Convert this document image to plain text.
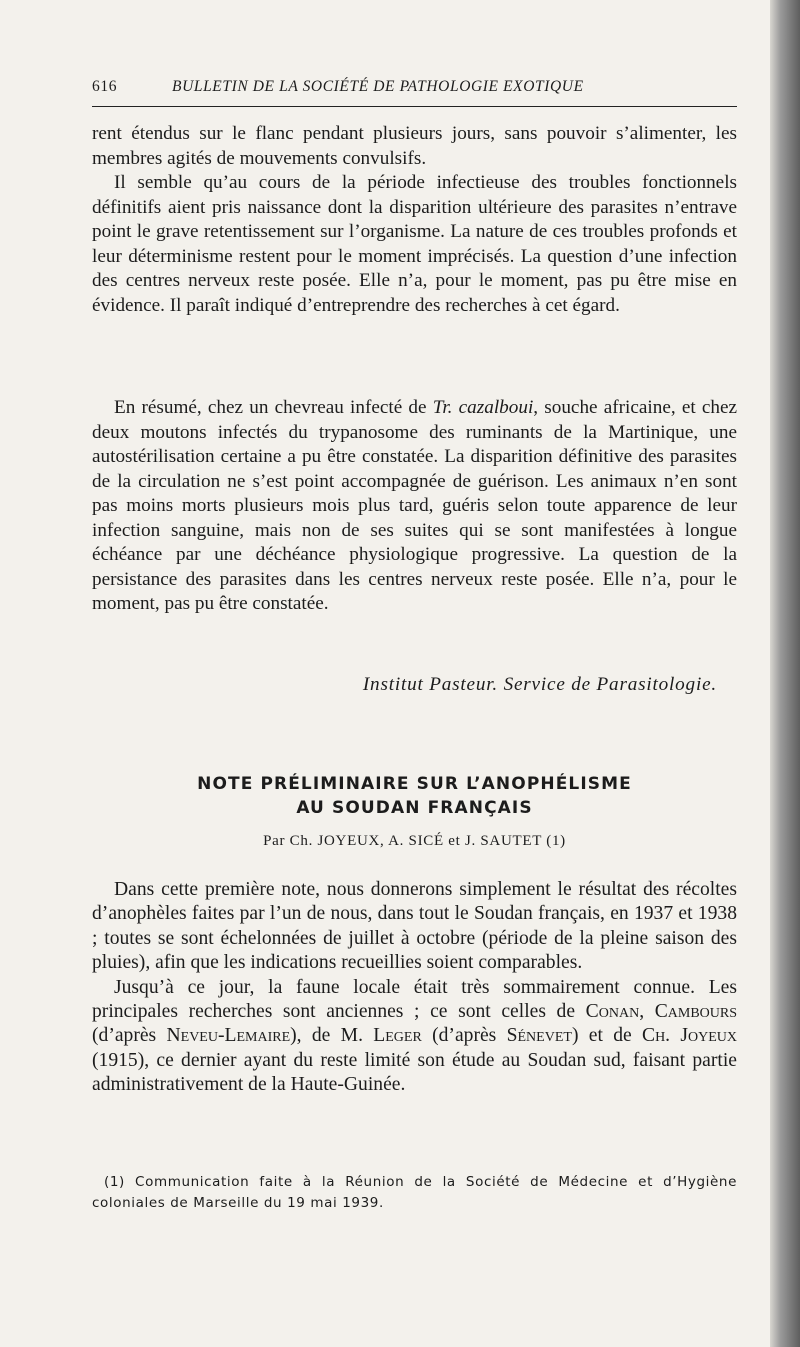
616	BULLETIN DE LA SOCIÉTÉ DE PATHOLOGIE EXOTIQUE

rent étendus sur le flanc pendant plusieurs jours, sans pouvoir s’alimenter, les membres agités de mouvements convulsifs.

Il semble qu’au cours de la période infectieuse des troubles fonctionnels définitifs aient pris naissance dont la disparition ultérieure des parasites n’entrave point le grave retentissement sur l’organisme. La nature de ces troubles profonds et leur déterminisme restent pour le moment imprécisés. La question d’une infection des centres nerveux reste posée. Elle n’a, pour le moment, pas pu être mise en évidence. Il paraît indiqué d’entreprendre des recherches à cet égard.

En résumé, chez un chevreau infecté de Tr. cazalboui, souche africaine, et chez deux moutons infectés du trypanosome des ruminants de la Martinique, une autostérilisation certaine a pu être constatée. La disparition définitive des parasites de la circulation ne s’est point accompagnée de guérison. Les animaux n’en sont pas moins morts plusieurs mois plus tard, guéris selon toute apparence de leur infection sanguine, mais non de ses suites qui se sont manifestées à longue échéance par une déchéance physiologique progressive. La question de la persistance des parasites dans les centres nerveux reste posée. Elle n’a, pour le moment, pas pu être constatée.

Institut Pasteur. Service de Parasitologie.
NOTE PRÉLIMINAIRE SUR L’ANOPHÉLISME
AU SOUDAN FRANÇAIS
Par Ch. JOYEUX, A. SICÉ et J. SAUTET (1)

Dans cette première note, nous donnerons simplement le résultat des récoltes d’anophèles faites par l’un de nous, dans tout le Soudan français, en 1937 et 1938 ; toutes se sont échelonnées de juillet à octobre (période de la pleine saison des pluies), afin que les indications recueillies soient comparables.

Jusqu’à ce jour, la faune locale était très sommairement connue. Les principales recherches sont anciennes ; ce sont celles de Conan, Cambours (d’après Neveu-Lemaire), de M. Leger (d’après Sénevet) et de Ch. Joyeux (1915), ce dernier ayant du reste limité son étude au Soudan sud, faisant partie administrativement de la Haute-Guinée.

(1) Communication faite à la Réunion de la Société de Médecine et d’Hygiène coloniales de Marseille du 19 mai 1939.
